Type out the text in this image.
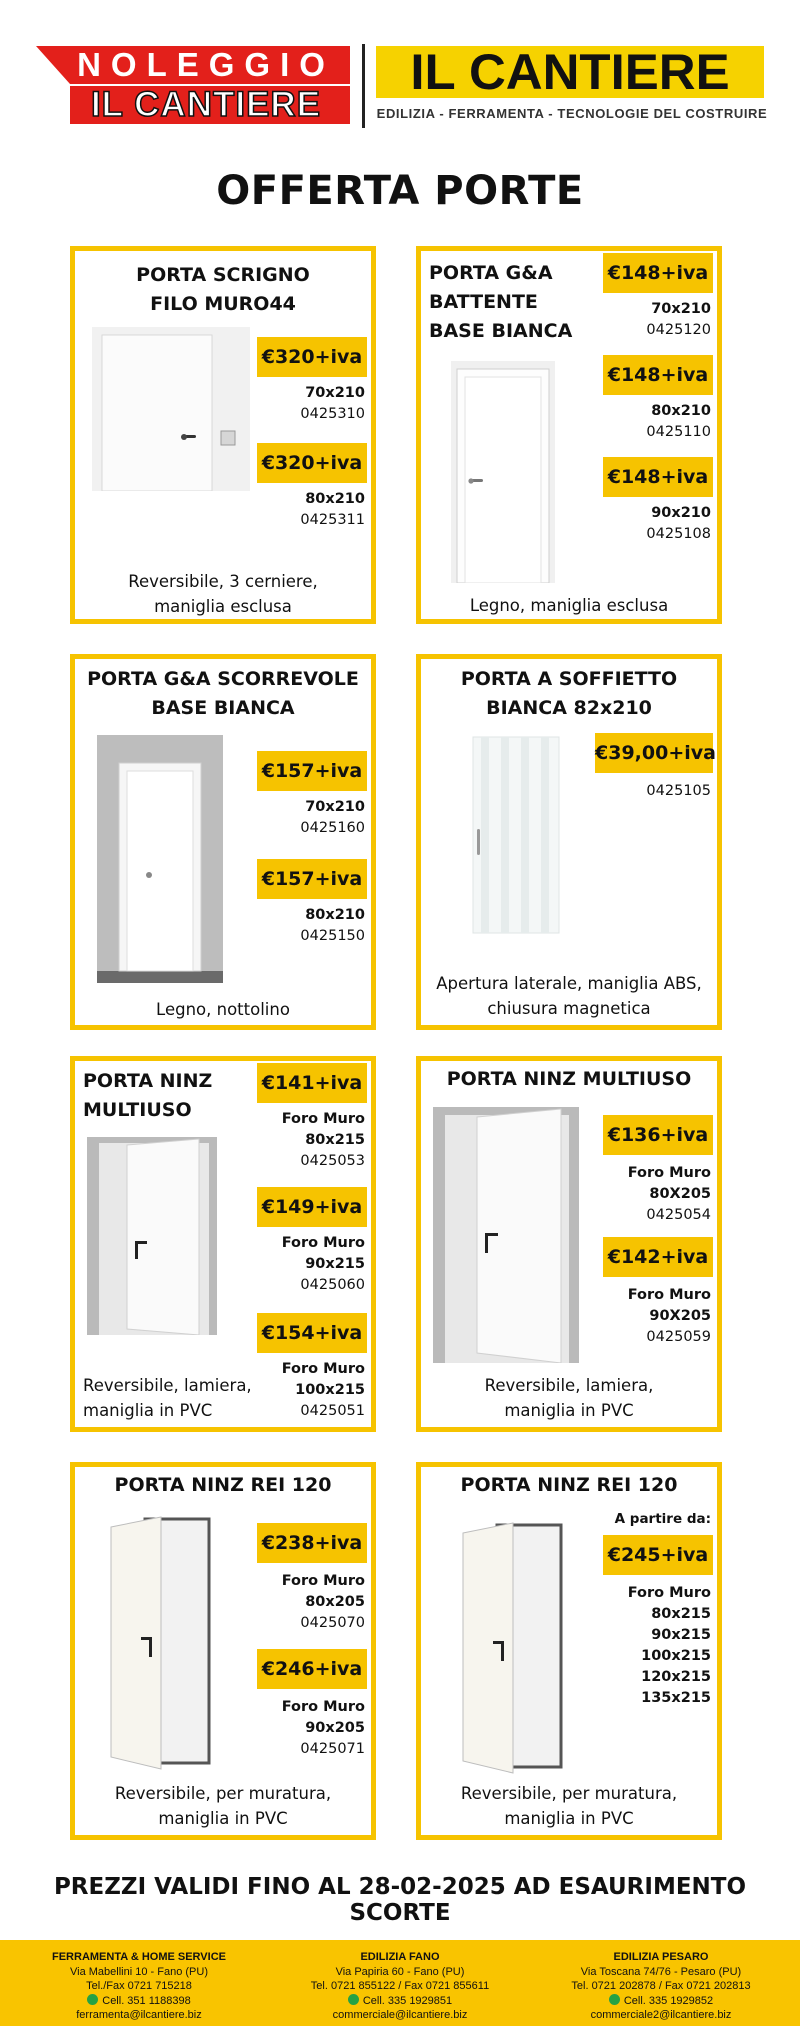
NOLEGGIO
IL CANTIERE
IL CANTIERE
EDILIZIA - FERRAMENTA - TECNOLOGIE DEL COSTRUIRE
OFFERTA PORTE
PORTA SCRIGNO
FILO MURO44
€320+iva
70x210
0425310
€320+iva
80x210
0425311
Reversibile, 3 cerniere,
maniglia esclusa
PORTA G&A
BATTENTE
BASE BIANCA
€148+iva
70x210
0425120
€148+iva
80x210
0425110
€148+iva
90x210
0425108
Legno, maniglia esclusa
PORTA G&A SCORREVOLE
BASE BIANCA
€157+iva
70x210
0425160
€157+iva
80x210
0425150
Legno, nottolino
PORTA A SOFFIETTO
BIANCA 82x210
€39,00+iva
0425105
Apertura laterale, maniglia ABS,
chiusura magnetica
PORTA NINZ
MULTIUSO
€141+iva
Foro Muro
80x215
0425053
€149+iva
Foro Muro
90x215
0425060
€154+iva
Foro Muro
100x215
0425051
Reversibile, lamiera,
maniglia in PVC
PORTA NINZ MULTIUSO
€136+iva
Foro Muro
80X205
0425054
€142+iva
Foro Muro
90X205
0425059
Reversibile, lamiera,
maniglia in PVC
PORTA NINZ REI 120
€238+iva
Foro Muro
80x205
0425070
€246+iva
Foro Muro
90x205
0425071
Reversibile, per muratura,
maniglia in PVC
PORTA NINZ REI 120
A partire da:
€245+iva
Foro Muro
80x215
90x215
100x215
120x215
135x215
Reversibile, per muratura,
maniglia in PVC
PREZZI VALIDI FINO AL 28-02-2025 AD ESAURIMENTO SCORTE
FERRAMENTA & HOME SERVICE
Via Mabellini 10 - Fano (PU)
Tel./Fax 0721 715218
Cell. 351 1188398
ferramenta@ilcantiere.biz
EDILIZIA FANO
Via Papiria 60 - Fano (PU)
Tel. 0721 855122 / Fax 0721 855611
Cell. 335 1929851
commerciale@ilcantiere.biz
EDILIZIA PESARO
Via Toscana 74/76 - Pesaro (PU)
Tel. 0721 202878 / Fax 0721 202813
Cell. 335 1929852
commerciale2@ilcantiere.biz
